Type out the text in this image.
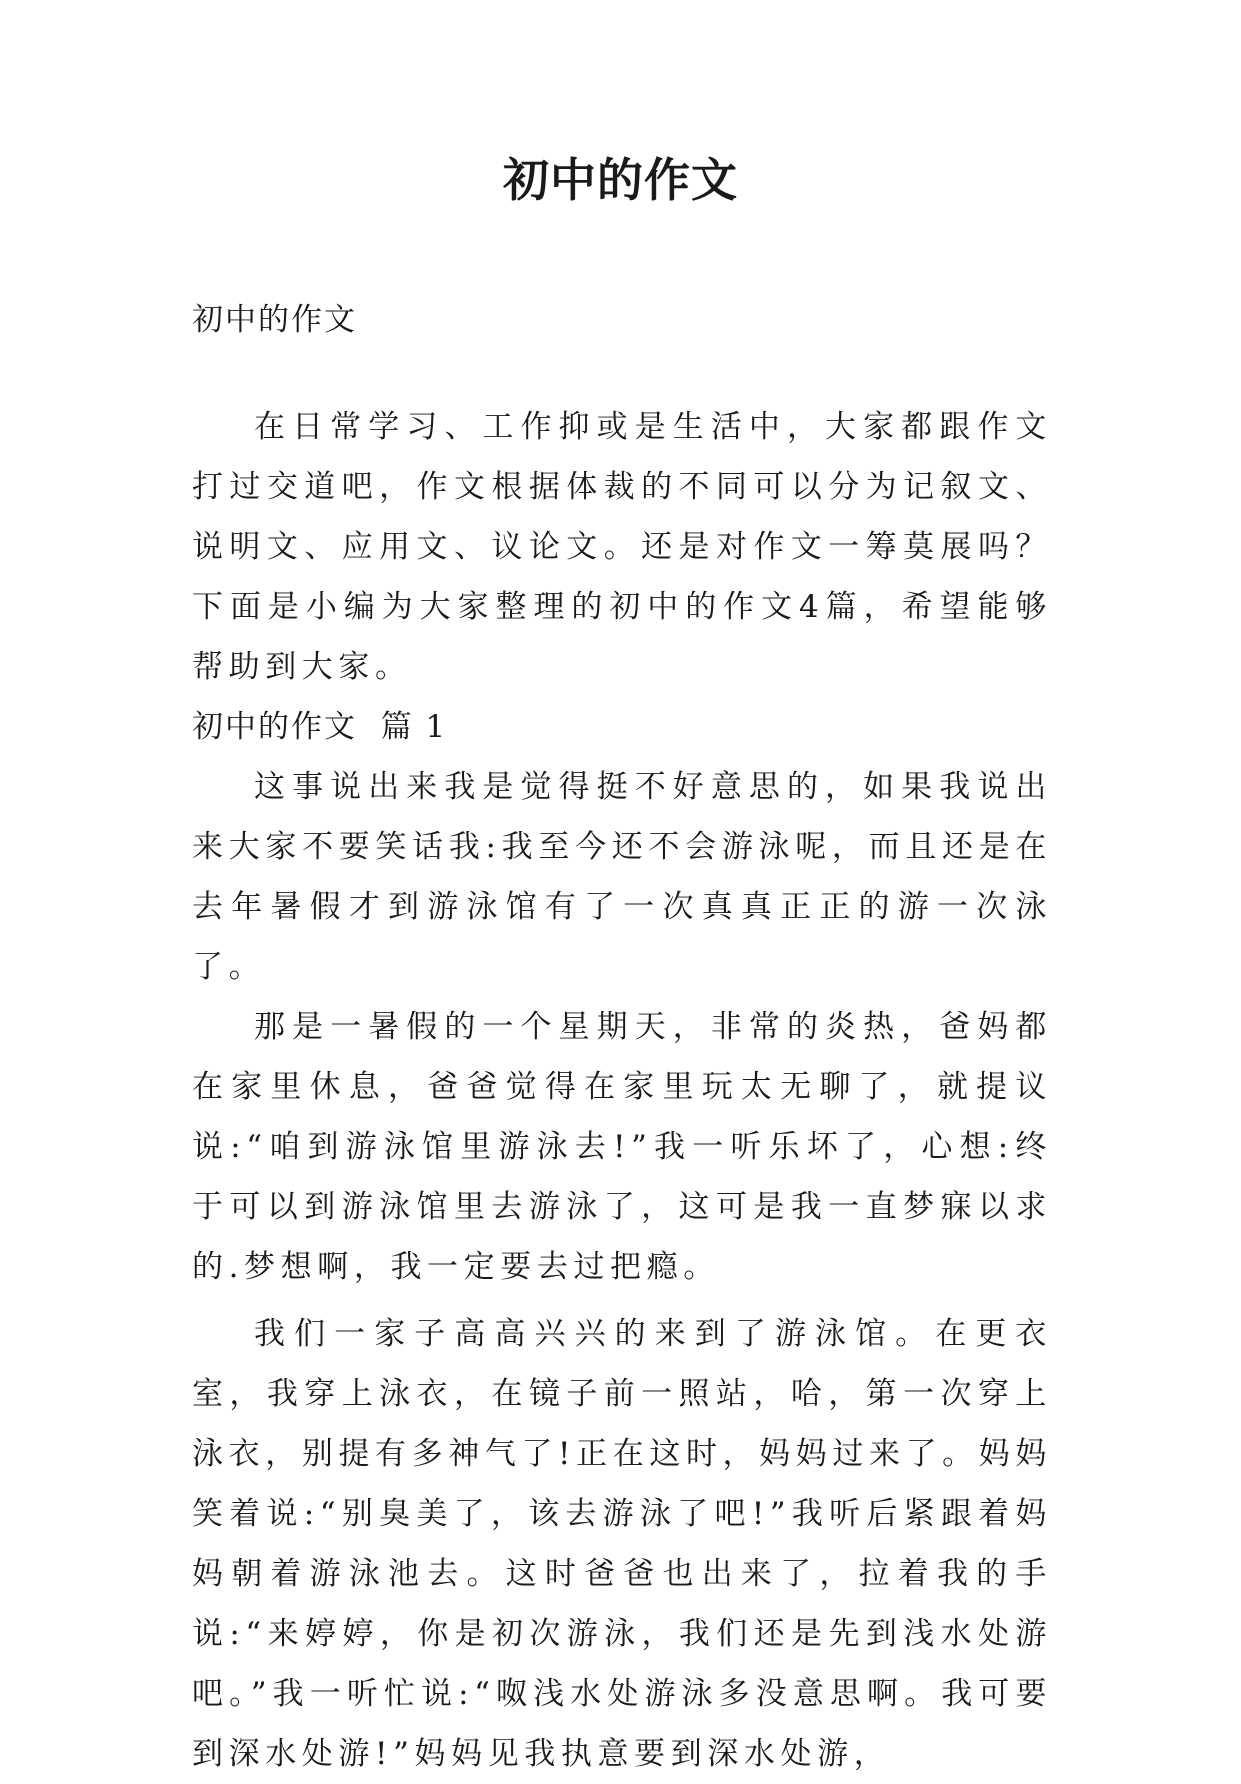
初中的作文
初中的作文

在日常学习、工作抑或是生活中，大家都跟作文打过交道吧，作文根据体裁的不同可以分为记叙文、说明文、应用文、议论文。还是对作文一筹莫展吗？下面是小编为大家整理的初中的作文4篇，希望能够帮助到大家。

初中的作文  篇 1

这事说出来我是觉得挺不好意思的，如果我说出来大家不要笑话我:我至今还不会游泳呢，而且还是在去年暑假才到游泳馆有了一次真真正正的游一次泳了。

那是一暑假的一个星期天，非常的炎热，爸妈都在家里休息，爸爸觉得在家里玩太无聊了，就提议说:“咱到游泳馆里游泳去!”我一听乐坏了，心想:终于可以到游泳馆里去游泳了，这可是我一直梦寐以求的.梦想啊，我一定要去过把瘾。

我们一家子高高兴兴的来到了游泳馆。在更衣室，我穿上泳衣，在镜子前一照站，哈，第一次穿上泳衣，别提有多神气了!正在这时，妈妈过来了。妈妈笑着说:“别臭美了，该去游泳了吧!”我听后紧跟着妈妈朝着游泳池去。这时爸爸也出来了，拉着我的手说:“来婷婷，你是初次游泳，我们还是先到浅水处游吧。”我一听忙说:“呶浅水处游泳多没意思啊。我可要到深水处游!”妈妈见我执意要到深水处游，
